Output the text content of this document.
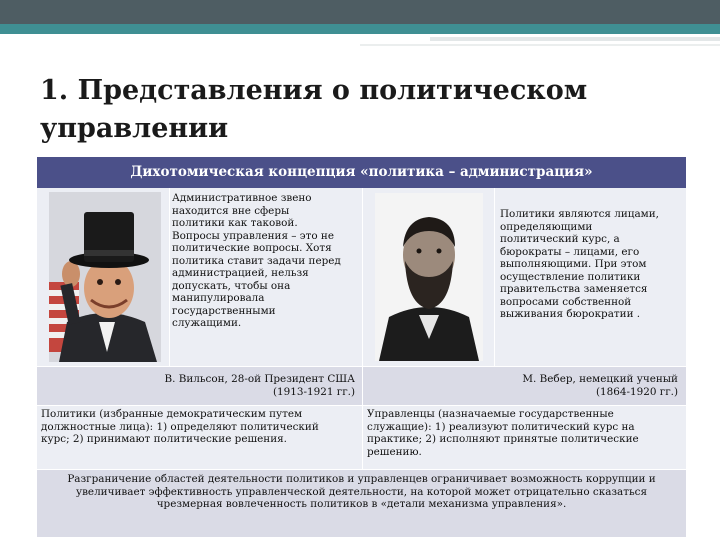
1. Представления о политическом управлении
Дихотомическая концепция «политика – администрация»
Административное звено находится вне сферы политики как таковой. Вопросы управления – это не политические вопросы. Хотя политика ставит задачи перед администрацией, нельзя допускать, чтобы она манипулировала государственными служащими.
Политики являются лицами, определяющими политический курс, а бюрократы – лицами, его выполняющими. При этом осуществление политики правительства заменяется вопросами собственной выживания бюрократии .
В. Вильсон, 28-ой Президент США
(1913-1921 гг.)
М. Вебер, немецкий ученый
(1864-1920 гг.)
Политики (избранные демократическим путем должностные лица): 1) определяют политический курс; 2) принимают политические решения.
Управленцы (назначаемые государственные служащие): 1) реализуют политический курс на практике; 2) исполняют принятые политические решению.
Разграничение областей деятельности политиков и управленцев ограничивает возможность коррупции и увеличивает эффективность управленческой деятельности, на которой может отрицательно сказаться чрезмерная вовлеченность политиков в «детали механизма управления».
